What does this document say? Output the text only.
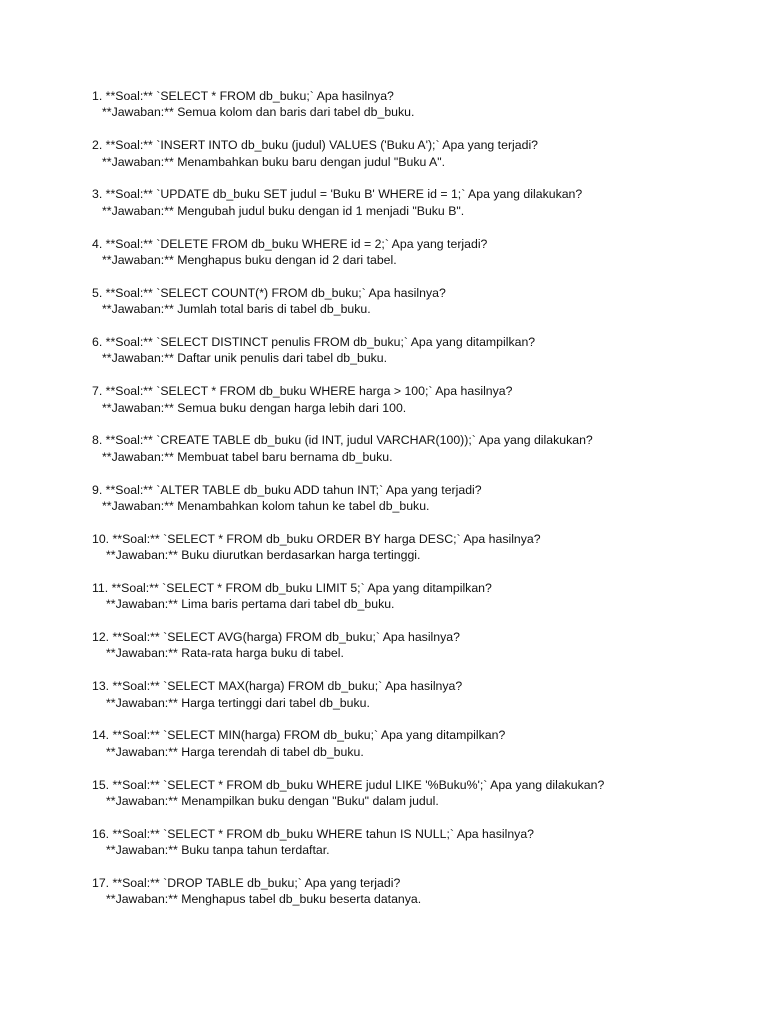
1. **Soal:** `SELECT * FROM db_buku;` Apa hasilnya?
**Jawaban:** Semua kolom dan baris dari tabel db_buku.
2. **Soal:** `INSERT INTO db_buku (judul) VALUES ('Buku A');` Apa yang terjadi?
**Jawaban:** Menambahkan buku baru dengan judul "Buku A".
3. **Soal:** `UPDATE db_buku SET judul = 'Buku B' WHERE id = 1;` Apa yang dilakukan?
**Jawaban:** Mengubah judul buku dengan id 1 menjadi "Buku B".
4. **Soal:** `DELETE FROM db_buku WHERE id = 2;` Apa yang terjadi?
**Jawaban:** Menghapus buku dengan id 2 dari tabel.
5. **Soal:** `SELECT COUNT(*) FROM db_buku;` Apa hasilnya?
**Jawaban:** Jumlah total baris di tabel db_buku.
6. **Soal:** `SELECT DISTINCT penulis FROM db_buku;` Apa yang ditampilkan?
**Jawaban:** Daftar unik penulis dari tabel db_buku.
7. **Soal:** `SELECT * FROM db_buku WHERE harga > 100;` Apa hasilnya?
**Jawaban:** Semua buku dengan harga lebih dari 100.
8. **Soal:** `CREATE TABLE db_buku (id INT, judul VARCHAR(100));` Apa yang dilakukan?
**Jawaban:** Membuat tabel baru bernama db_buku.
9. **Soal:** `ALTER TABLE db_buku ADD tahun INT;` Apa yang terjadi?
**Jawaban:** Menambahkan kolom tahun ke tabel db_buku.
10. **Soal:** `SELECT * FROM db_buku ORDER BY harga DESC;` Apa hasilnya?
**Jawaban:** Buku diurutkan berdasarkan harga tertinggi.
11. **Soal:** `SELECT * FROM db_buku LIMIT 5;` Apa yang ditampilkan?
**Jawaban:** Lima baris pertama dari tabel db_buku.
12. **Soal:** `SELECT AVG(harga) FROM db_buku;` Apa hasilnya?
**Jawaban:** Rata-rata harga buku di tabel.
13. **Soal:** `SELECT MAX(harga) FROM db_buku;` Apa hasilnya?
**Jawaban:** Harga tertinggi dari tabel db_buku.
14. **Soal:** `SELECT MIN(harga) FROM db_buku;` Apa yang ditampilkan?
**Jawaban:** Harga terendah di tabel db_buku.
15. **Soal:** `SELECT * FROM db_buku WHERE judul LIKE '%Buku%';` Apa yang dilakukan?
**Jawaban:** Menampilkan buku dengan "Buku" dalam judul.
16. **Soal:** `SELECT * FROM db_buku WHERE tahun IS NULL;` Apa hasilnya?
**Jawaban:** Buku tanpa tahun terdaftar.
17. **Soal:** `DROP TABLE db_buku;` Apa yang terjadi?
**Jawaban:** Menghapus tabel db_buku beserta datanya.
